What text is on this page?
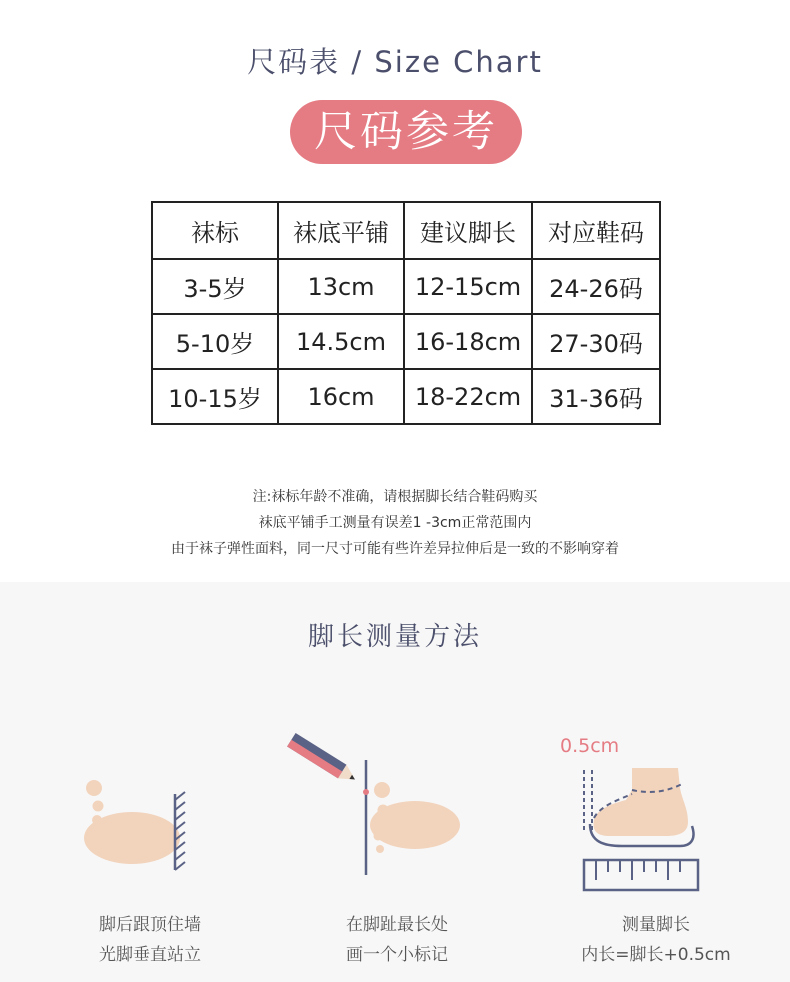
尺码表 / Size Chart
尺码参考
袜标	袜底平铺	建议脚长	对应鞋码
3-5岁	13cm	12-15cm	24-26码
5-10岁	14.5cm	16-18cm	27-30码
10-15岁	16cm	18-22cm	31-36码
注:袜标年龄不准确，请根据脚长结合鞋码购买
袜底平铺手工测量有误差1 -3cm正常范围内
由于袜子弹性面料，同一尺寸可能有些许差异拉伸后是一致的不影响穿着
脚长测量方法
0.5cm
脚后跟顶住墙
光脚垂直站立
在脚趾最长处
画一个小标记
测量脚长
内长=脚长+0.5cm
